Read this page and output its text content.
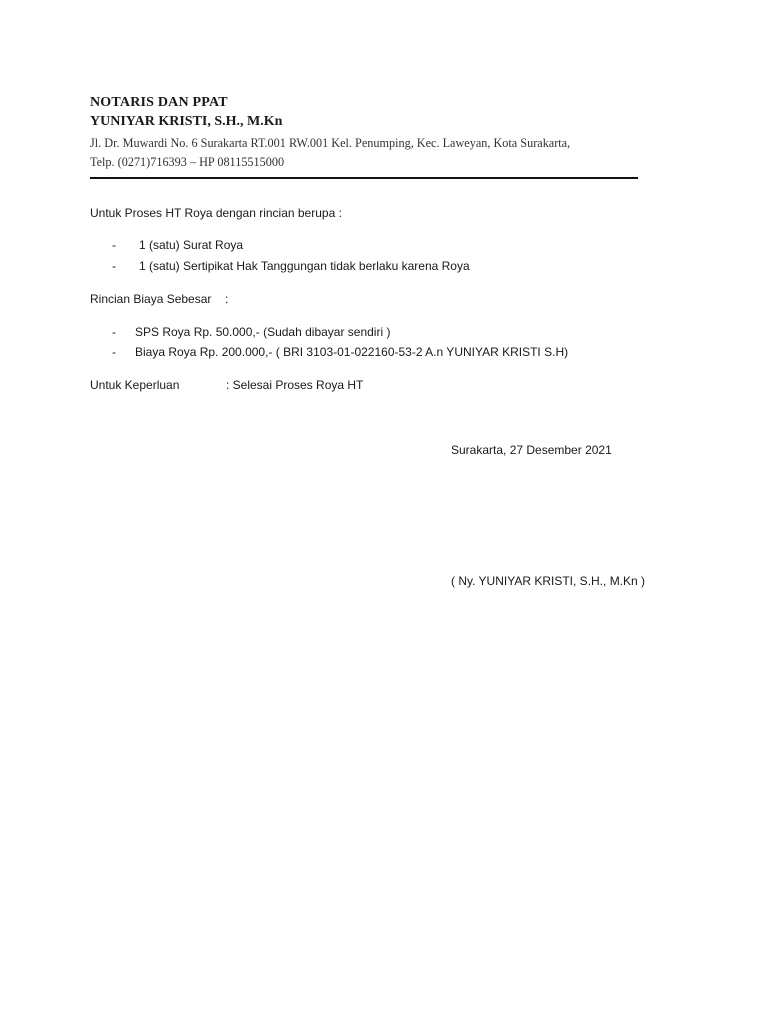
NOTARIS DAN PPAT
YUNIYAR KRISTI, S.H., M.Kn
Jl. Dr. Muwardi No. 6 Surakarta RT.001 RW.001 Kel. Penumping, Kec. Laweyan, Kota Surakarta,
Telp. (0271)716393 – HP 08115515000
Untuk Proses HT Roya dengan rincian berupa :
- 1 (satu) Surat Roya
- 1 (satu) Sertipikat Hak Tanggungan tidak berlaku karena Roya
Rincian Biaya Sebesar :
- SPS Roya Rp. 50.000,- (Sudah dibayar sendiri )
- Biaya Roya Rp. 200.000,- ( BRI 3103-01-022160-53-2 A.n YUNIYAR KRISTI S.H)
Untuk Keperluan	: Selesai Proses Roya HT
Surakarta, 27 Desember 2021
( Ny. YUNIYAR KRISTI, S.H., M.Kn )
